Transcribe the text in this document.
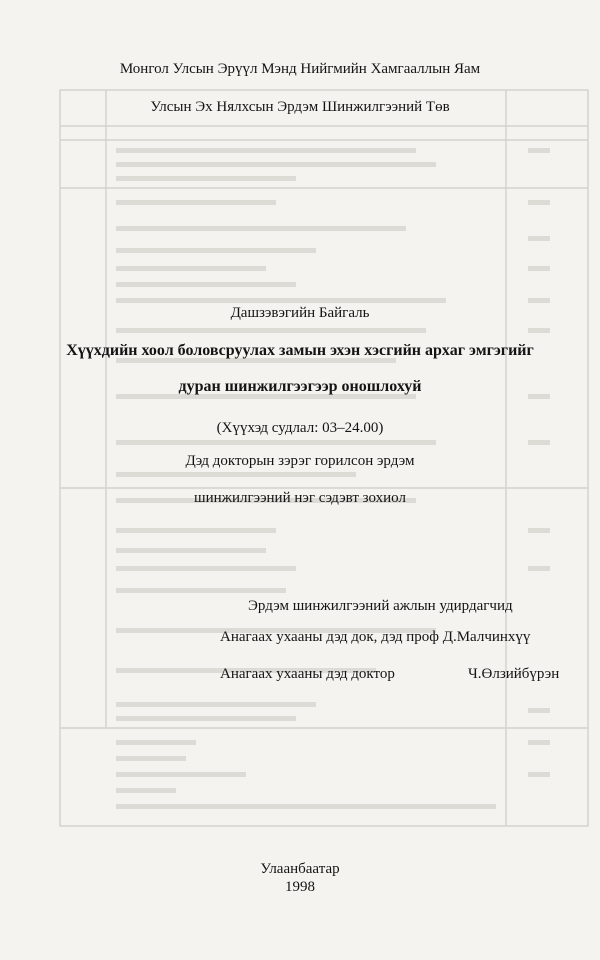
Монгол Улсын Эрүүл Мэнд Нийгмийн Хамгааллын Яам
Улсын Эх Нялхсын Эрдэм Шинжилгээний Төв
Дашзэвэгийн Байгаль
Хүүхдийн хоол боловсруулах замын эхэн хэсгийн архаг эмгэгийг
дуран шинжилгээгээр оношлохуй
(Хүүхэд судлал: 03–24.00)
Дэд докторын зэрэг горилсон эрдэм
шинжилгээний нэг сэдэвт зохиол
Эрдэм шинжилгээний ажлын удирдагчид
Анагаах ухааны дэд док, дэд проф Д.Малчинхүү
Анагаах ухааны дэд доктор	Ч.Өлзийбүрэн
Улаанбаатар
1998
